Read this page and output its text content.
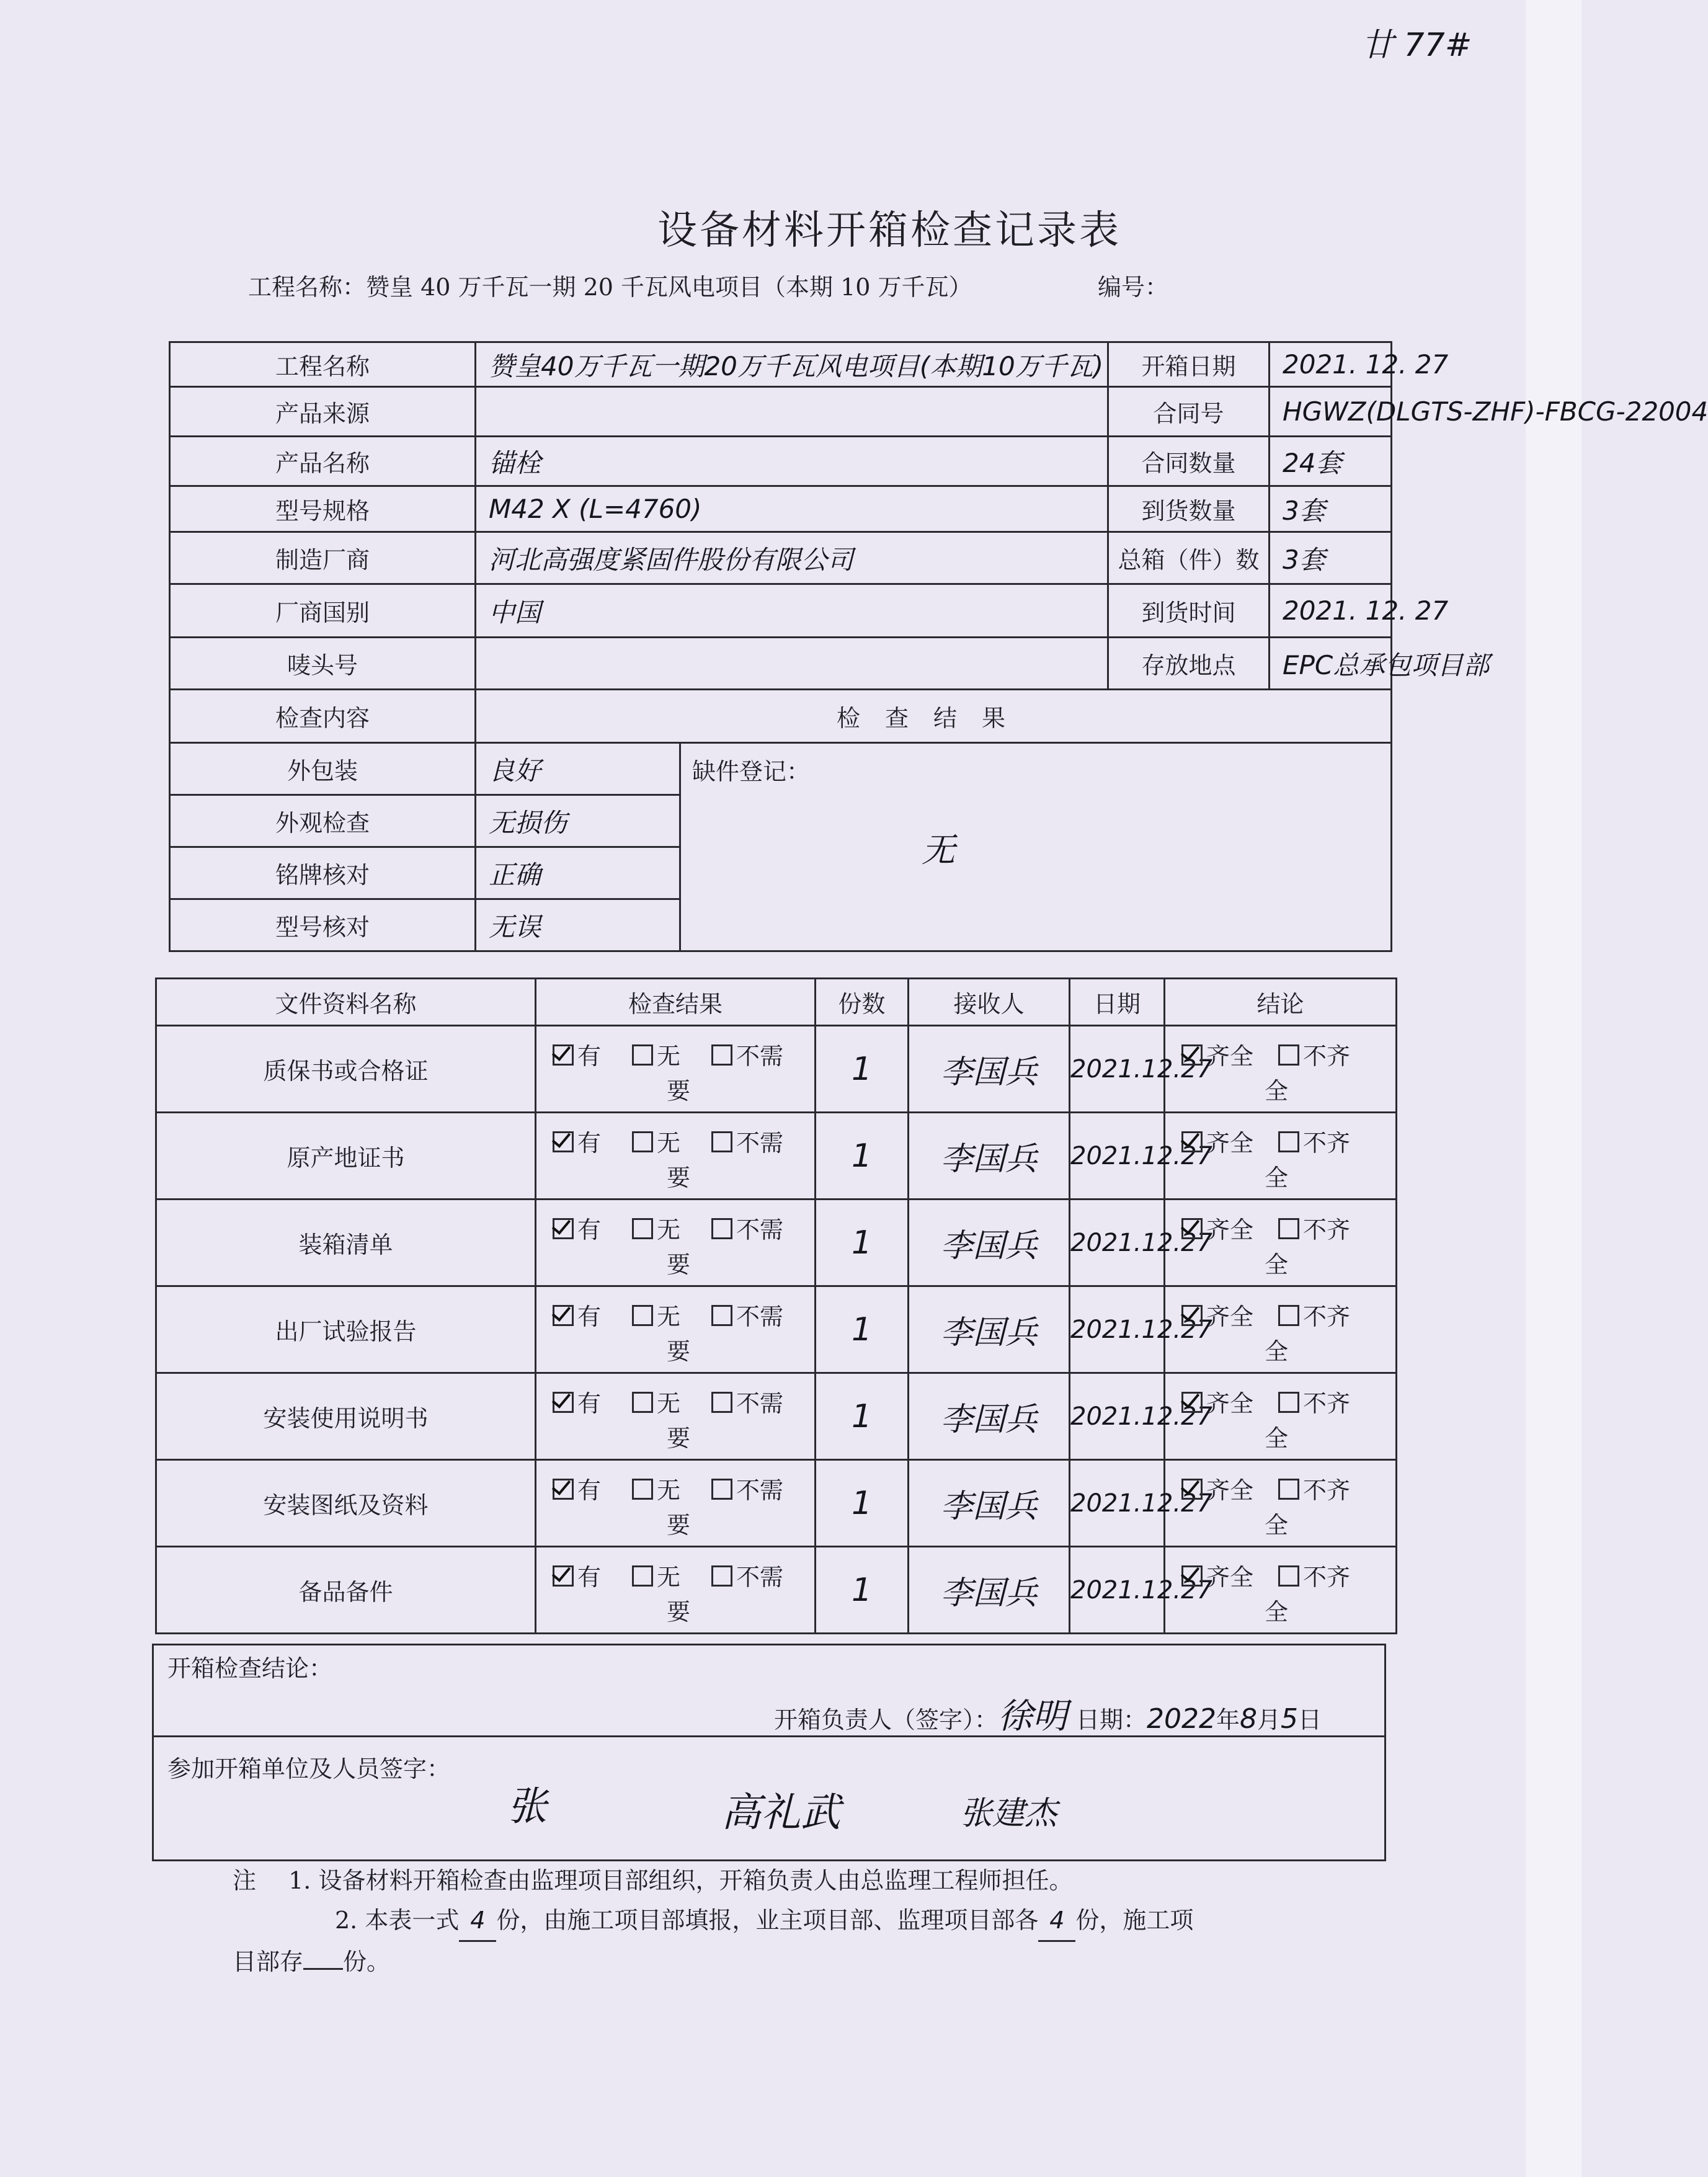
廿 77#
设备材料开箱检查记录表
工程名称：赞皇 40 万千瓦一期 20 千瓦风电项目（本期 10 万千瓦）	编号：
工程名称	赞皇40万千瓦一期20万千瓦风电项目(本期10万千瓦)		开箱日期	2021. 12. 27
产品来源			合同号	HGWZ(DLGTS-ZHF)-FBCG-22004
产品名称	锚栓		合同数量	24套
型号规格	M42 X (L=4760)		到货数量	3套
制造厂商	河北高强度紧固件股份有限公司		总箱（件）数	3套
厂商国别	中国		到货时间	2021. 12. 27
唛头号			存放地点	EPC总承包项目部
检查内容	检查结果			
外包装	良好	缺件登记：
无		

外观检查	无损伤			
铭牌核对	正确			
型号核对	无误			
文件资料名称	检查结果	份数	接收人	日期	结论
质保书或合格证	有 无 不需
要	1	李国兵	2021.12.27	齐全 不齐
全

原产地证书	有 无 不需
要	1	李国兵	2021.12.27	齐全 不齐
全

装箱清单	有 无 不需
要	1	李国兵	2021.12.27	齐全 不齐
全

出厂试验报告	有 无 不需
要	1	李国兵	2021.12.27	齐全 不齐
全

安装使用说明书	有 无 不需
要	1	李国兵	2021.12.27	齐全 不齐
全

安装图纸及资料	有 无 不需
要	1	李国兵	2021.12.27	齐全 不齐
全

备品备件	有 无 不需
要	1	李国兵	2021.12.27	齐全 不齐
全
开箱检查结论：
开箱负责人（签字）：徐明 日期：2022年8月5日

参加开箱单位及人员签字：
张	高礼武	张建杰
注 1. 设备材料开箱检查由监理项目部组织，开箱负责人由总监理工程师担任。
2. 本表一式 4 份，由施工项目部填报，业主项目部、监理项目部各 4 份，施工项
目部存 份。
